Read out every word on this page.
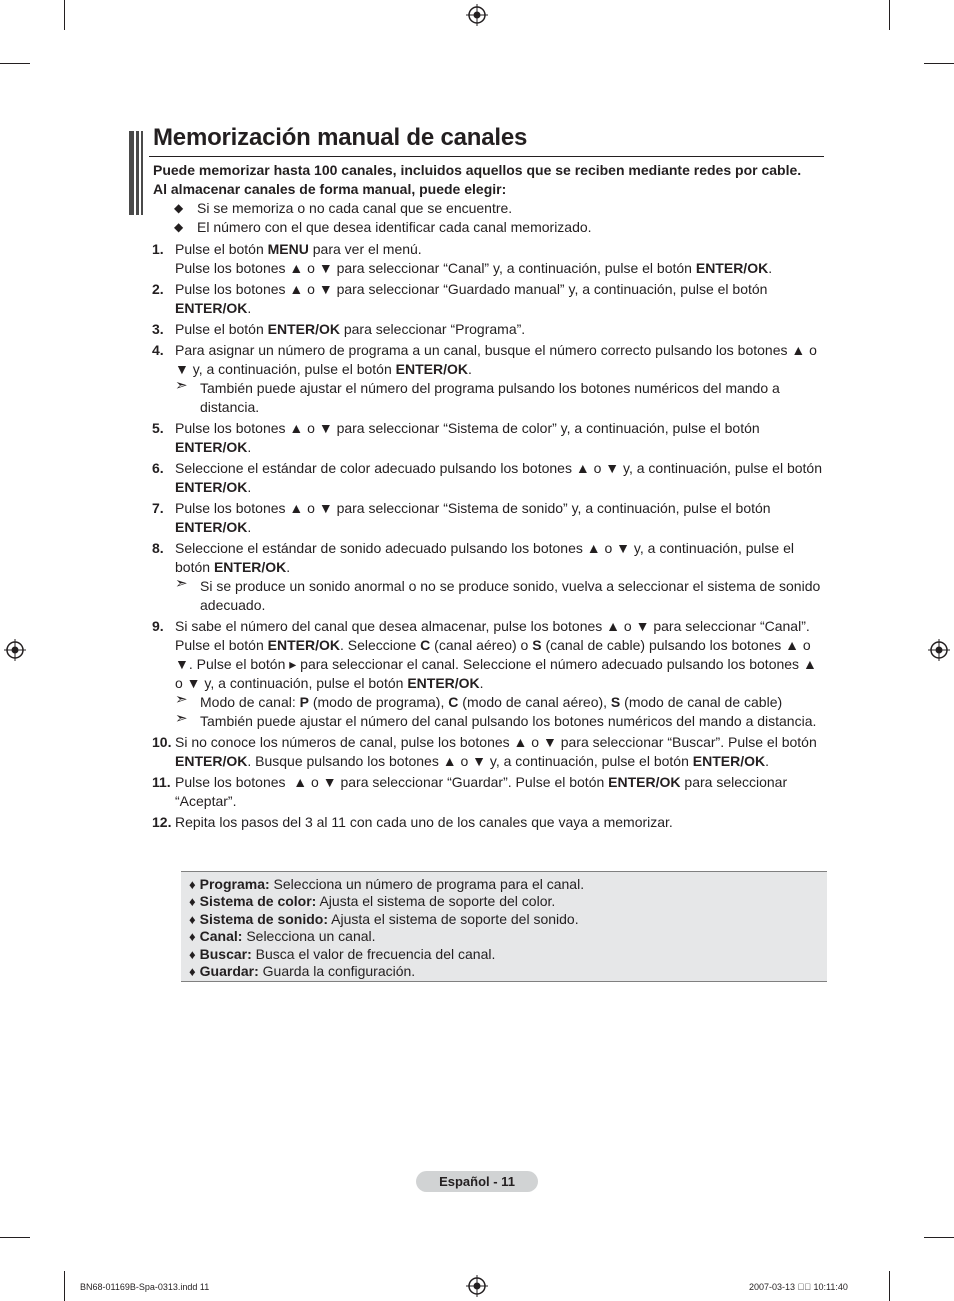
Memorización manual de canales
Puede memorizar hasta 100 canales, incluidos aquellos que se reciben mediante redes por cable.
Al almacenar canales de forma manual, puede elegir:
◆ Si se memoriza o no cada canal que se encuentre.
◆ El número con el que desea identificar cada canal memorizado.
1. Pulse el botón MENU para ver el menú.
Pulse los botones ▲ o ▼ para seleccionar “Canal” y, a continuación, pulse el botón ENTER/OK.
2. Pulse los botones ▲ o ▼ para seleccionar “Guardado manual” y, a continuación, pulse el botón ENTER/OK.
3. Pulse el botón ENTER/OK para seleccionar “Programa”.
4. Para asignar un número de programa a un canal, busque el número correcto pulsando los botones ▲ o ▼ y, a continuación, pulse el botón ENTER/OK.
➣ También puede ajustar el número del programa pulsando los botones numéricos del mando a distancia.
5. Pulse los botones ▲ o ▼ para seleccionar “Sistema de color” y, a continuación, pulse el botón ENTER/OK.
6. Seleccione el estándar de color adecuado pulsando los botones ▲ o ▼ y, a continuación, pulse el botón ENTER/OK.
7. Pulse los botones ▲ o ▼ para seleccionar “Sistema de sonido” y, a continuación, pulse el botón ENTER/OK.
8. Seleccione el estándar de sonido adecuado pulsando los botones ▲ o ▼ y, a continuación, pulse el botón ENTER/OK.
➣ Si se produce un sonido anormal o no se produce sonido, vuelva a seleccionar el sistema de sonido adecuado.
9. Si sabe el número del canal que desea almacenar, pulse los botones ▲ o ▼ para seleccionar “Canal”. Pulse el botón ENTER/OK. Seleccione C (canal aéreo) o S (canal de cable) pulsando los botones ▲ o ▼. Pulse el botón ▸ para seleccionar el canal. Seleccione el número adecuado pulsando los botones ▲ o ▼ y, a continuación, pulse el botón ENTER/OK.
➣ Modo de canal: P (modo de programa), C (modo de canal aéreo), S (modo de canal de cable)
➣ También puede ajustar el número del canal pulsando los botones numéricos del mando a distancia.
10. Si no conoce los números de canal, pulse los botones ▲ o ▼ para seleccionar “Buscar”. Pulse el botón ENTER/OK. Busque pulsando los botones ▲ o ▼ y, a continuación, pulse el botón ENTER/OK.
11. Pulse los botones  ▲ o ▼ para seleccionar “Guardar”. Pulse el botón ENTER/OK para seleccionar “Aceptar”.
12. Repita los pasos del 3 al 11 con cada uno de los canales que vaya a memorizar.
♦ Programa: Selecciona un número de programa para el canal.
♦ Sistema de color: Ajusta el sistema de soporte del color.
♦ Sistema de sonido: Ajusta el sistema de soporte del sonido.
♦ Canal: Selecciona un canal.
♦ Buscar: Busca el valor de frecuencia del canal.
♦ Guardar: Guarda la configuración.
Español - 11
BN68-01169B-Spa-0313.indd 11	2007-03-13 ￿￿ 10:11:40
